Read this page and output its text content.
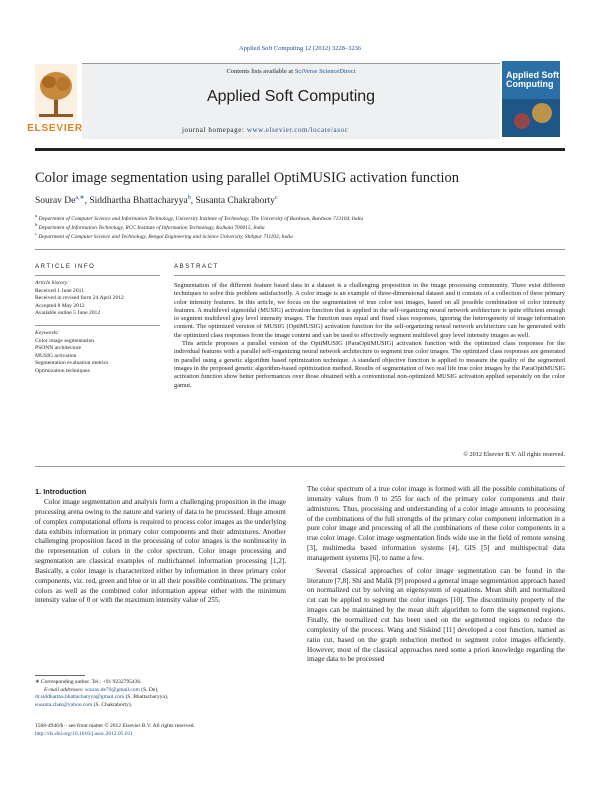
Applied Soft Computing 12 (2012) 3228–3236
Contents lists available at SciVerse ScienceDirect
Applied Soft Computing
journal homepage: www.elsevier.com/locate/asoc
ELSEVIER
Applied Soft Computing
Color image segmentation using parallel OptiMUSIG activation function
Sourav $De^{a,∗}$, Siddhartha Bhattacharyya$^b$, Susanta Chakraborty$^c$
$^a$ Department of Computer Science and Information Technology, University Institute of Technology, The University of Burdwan, Burdwan 713104, India
$^b$ Department of Information Technology, RCC Institute of Information Technology, Kolkata 700015, India
$^c$ Department of Computer Science and Technology, Bengal Engineering and Science University, Shibpur 711103, India
ARTICLE INFO	ABSTRACT
Article history:
Received 1 June 2011
Received in revised form 24 April 2012
Accepted 8 May 2012
Available online 5 June 2012
Keywords:
Color image segmentation
PSONN architecture
MUSIG activation
Segmentation evaluation metrics
Optimization techniques

Segmentation of the different feature based data in a dataset is a challenging proposition in the image processing community. There exist different techniques to solve this problem satisfactorily. A color image is an example of three-dimensional dataset and it consists of a collection of three primary color intensity features. In this article, we focus on the segmentation of true color test images, based on all possible combination of color intensity features. A multilevel sigmoidal (MUSIG) activation function that is applied in the self-organizing neural network architecture is quite efficient enough to segment multilevel gray level intensity images. The function uses equal and fixed class responses, ignoring the heterogeneity of image information content. The optimized version of MUSIG (OptiMUSIG) activation function for the self-organizing neural network architecture can be generated with the optimized class responses from the image content and can be used to effectively segment multilevel gray level intensity images as well.

This article proposes a parallel version of the OptiMUSIG (ParaOptiMUSIG) activation function with the optimized class responses for the individual features with a parallel self-organizing neural network architecture to segment true color images. The optimized class responses are generated in parallel using a genetic algorithm based optimization technique. A standard objective function is applied to measure the quality of the segmented images in the proposed genetic algorithm-based optimization method. Results of segmentation of two real life true color images by the ParaOptiMUSIG activation function show better performances over those obtained with a conventional non-optimized MUSIG activation applied separately on the color gamut.

© 2012 Elsevier B.V. All rights reserved.
1. Introduction

Color image segmentation and analysis form a challenging proposition in the image processing arena owing to the nature and variety of data to be processed. Huge amount of complex computational efforts is required to process color images as the underlying data exhibits information in primary color components and their admixtures. Another challenging proposition faced in the processing of color images is the nonlinearity in the representation of colors in the color spectrum. Color image processing and segmentation are classical examples of multichannel information processing [1,2]. Basically, a color image is characterized either by information in three primary color components, viz. red, green and blue or in all their possible combinations. The primary colors as well as the combined color information appear either with the minimum intensity value of 0 or with the maximum intensity value of 255.

The color spectrum of a true color image is formed with all the possible combinations of intensity values from 0 to 255 for each of the primary color components and their admixtures. Thus, processing and understanding of a color image amounts to processing of the combinations of the full strengths of the primary color component information in a pure color image and processing of all the combinations of these color components in a true color image. Color image segmentation finds wide use in the field of remote sensing [3], multimedia based information systems [4], GIS [5] and multispectral data management systems [6], to name a few.

Several classical approaches of color image segmentation can be found in the literature [7,8]. Shi and Malik [9] proposed a general image segmentation approach based on normalized cut by solving an eigensystem of equations. Mean shift and normalized cut can be applied to segment the color images [10]. The discontinuity property of the images can be maintained by the mean shift algorithm to form the segmented regions. Finally, the normalized cut has been used on the segmented regions to reduce the complexity of the process. Wang and Siskind [11] developed a cost function, named as ratio cut, based on the graph reduction method to segment color images efficiently. However, most of the classical approaches need some a priori knowledge regarding the image data to be processed

∗ Corresponding author. Tel.: +91 9232795436.
E-mail addresses: sourav.de79@gmail.com (S. De),
dr.siddhartha.bhattacharyya@gmail.com (S. Bhattacharyya),
susanta.chak@yahoo.com (S. Chakraborty).
1568-4946/$ – see front matter © 2012 Elsevier B.V. All rights reserved.
http://dx.doi.org/10.1016/j.asoc.2012.05.011
